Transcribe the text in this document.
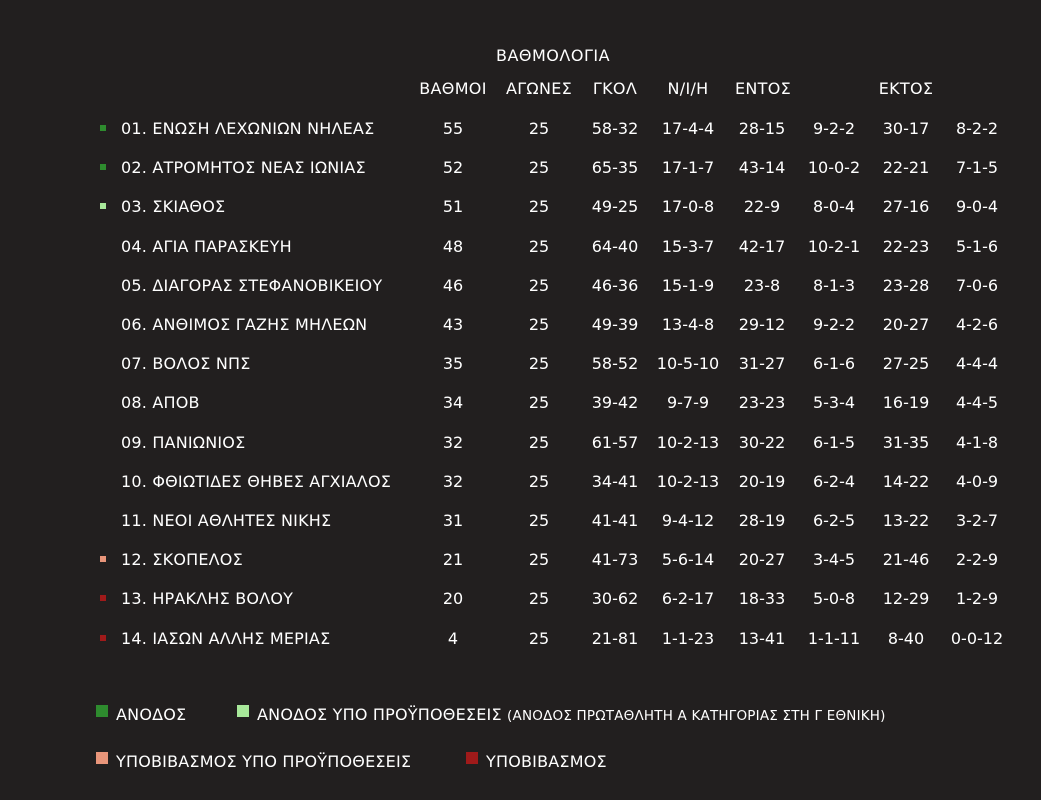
ΒΑΘΜΟΛΟΓΙΑ
ΒΑΘΜΟΙ	ΑΓΩΝΕΣ	ΓΚΟΛ	Ν/Ι/Η	ΕΝΤΟΣ	ΕΚΤΟΣ
01. ΕΝΩΣΗ ΛΕΧΩΝΙΩΝ ΝΗΛΕΑΣ	55	25	58-32	17-4-4	28-15	9-2-2	30-17	8-2-2
02. ΑΤΡΟΜΗΤΟΣ ΝΕΑΣ ΙΩΝΙΑΣ	52	25	65-35	17-1-7	43-14	10-0-2	22-21	7-1-5
03. ΣΚΙΑΘΟΣ	51	25	49-25	17-0-8	22-9	8-0-4	27-16	9-0-4
04. ΑΓΙΑ ΠΑΡΑΣΚΕΥΗ	48	25	64-40	15-3-7	42-17	10-2-1	22-23	5-1-6
05. ΔΙΑΓΟΡΑΣ ΣΤΕΦΑΝΟΒΙΚΕΙΟΥ	46	25	46-36	15-1-9	23-8	8-1-3	23-28	7-0-6
06. ΑΝΘΙΜΟΣ ΓΑΖΗΣ ΜΗΛΕΩΝ	43	25	49-39	13-4-8	29-12	9-2-2	20-27	4-2-6
07. ΒΟΛΟΣ ΝΠΣ	35	25	58-52	10-5-10	31-27	6-1-6	27-25	4-4-4
08. ΑΠΟΒ	34	25	39-42	9-7-9	23-23	5-3-4	16-19	4-4-5
09. ΠΑΝΙΩΝΙΟΣ	32	25	61-57	10-2-13	30-22	6-1-5	31-35	4-1-8
10. ΦΘΙΩΤΙΔΕΣ ΘΗΒΕΣ ΑΓΧΙΑΛΟΣ	32	25	34-41	10-2-13	20-19	6-2-4	14-22	4-0-9
11. ΝΕΟΙ ΑΘΛΗΤΕΣ ΝΙΚΗΣ	31	25	41-41	9-4-12	28-19	6-2-5	13-22	3-2-7
12. ΣΚΟΠΕΛΟΣ	21	25	41-73	5-6-14	20-27	3-4-5	21-46	2-2-9
13. ΗΡΑΚΛΗΣ ΒΟΛΟΥ	20	25	30-62	6-2-17	18-33	5-0-8	12-29	1-2-9
14. ΙΑΣΩΝ ΑΛΛΗΣ ΜΕΡΙΑΣ	4	25	21-81	1-1-23	13-41	1-1-11	8-40	0-0-12
ΑΝΟΔΟΣ	ΑΝΟΔΟΣ ΥΠΟ ΠΡΟΫΠΟΘΕΣΕΙΣ (ΑΝΟΔΟΣ ΠΡΩΤΑΘΛΗΤΗ Α ΚΑΤΗΓΟΡΙΑΣ ΣΤΗ Γ ΕΘΝΙΚΗ)
ΥΠΟΒΙΒΑΣΜΟΣ ΥΠΟ ΠΡΟΫΠΟΘΕΣΕΙΣ	ΥΠΟΒΙΒΑΣΜΟΣ
